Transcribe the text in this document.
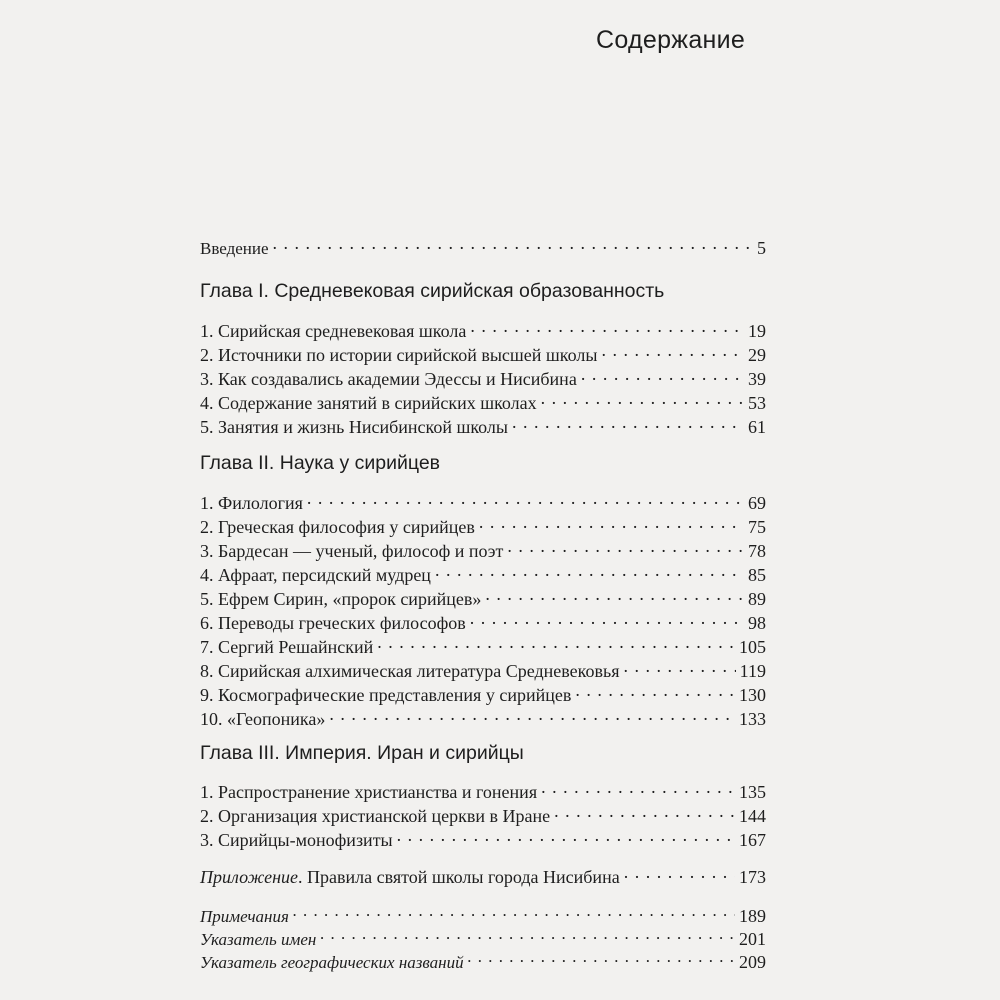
Содержание
Введение . . .	5
Глава I. Средневековая сирийская образованность
1. Сирийская средневековая школа . . .	19
2. Источники по истории сирийской высшей школы . . .	29
3. Как создавались академии Эдессы и Нисибина . . .	39
4. Содержание занятий в сирийских школах . . .	53
5. Занятия и жизнь Нисибинской школы . . .	61
Глава II. Наука у сирийцев
1. Филология . . .	69
2. Греческая философия у сирийцев . . .	75
3. Бардесан — ученый, философ и поэт . . .	78
4. Афраат, персидский мудрец . . .	85
5. Ефрем Сирин, «пророк сирийцев» . . .	89
6. Переводы греческих философов . . .	98
7. Сергий Решайнский . . .	105
8. Сирийская алхимическая литература Средневековья . . .	119
9. Космографические представления у сирийцев . . .	130
10. «Геопоника» . . .	133
Глава III. Империя. Иран и сирийцы
1. Распространение христианства и гонения . . .	135
2. Организация христианской церкви в Иране . . .	144
3. Сирийцы-монофизиты . . .	167
Приложение. Правила святой школы города Нисибина . . .	173
Примечания . . .	189
Указатель имен . . .	201
Указатель географических названий . . .	209
